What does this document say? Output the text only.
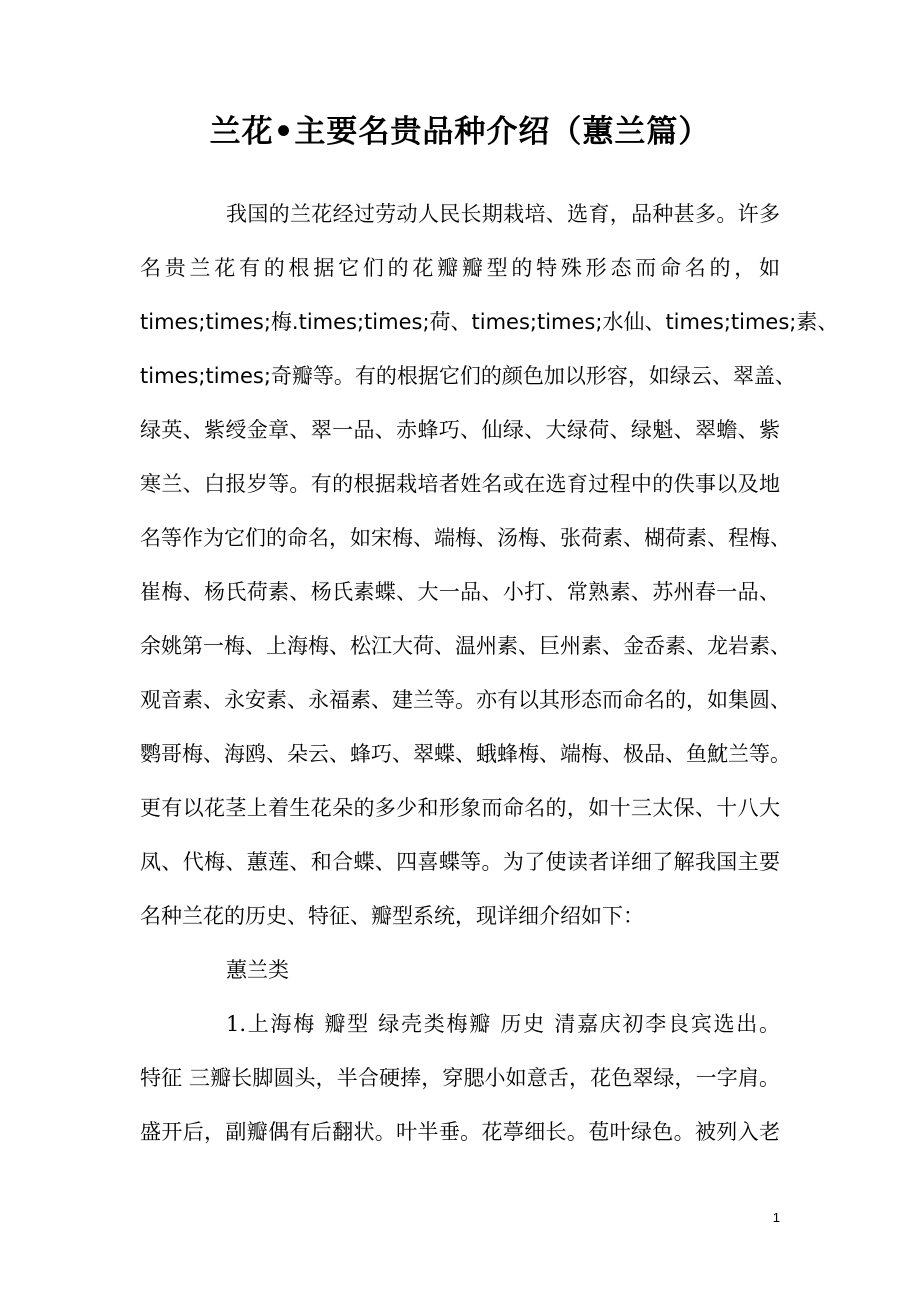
兰花•主要名贵品种介绍（蕙兰篇）
我国的兰花经过劳动人民长期栽培、选育，品种甚多。许多
名贵兰花有的根据它们的花瓣瓣型的特殊形态而命名的，如
times;times;梅.times;times;荷、times;times;水仙、times;times;素、
times;times;奇瓣等。有的根据它们的颜色加以形容，如绿云、翠盖、
绿英、紫绶金章、翠一品、赤蜂巧、仙绿、大绿荷、绿魁、翠蟾、紫
寒兰、白报岁等。有的根据栽培者姓名或在选育过程中的佚事以及地
名等作为它们的命名，如宋梅、端梅、汤梅、张荷素、楜荷素、程梅、
崔梅、杨氏荷素、杨氏素蝶、大一品、小打、常熟素、苏州春一品、
余姚第一梅、上海梅、松江大荷、温州素、巨州素、金岙素、龙岩素、
观音素、永安素、永福素、建兰等。亦有以其形态而命名的，如集圆、
鹦哥梅、海鸥、朵云、蜂巧、翠蝶、蛾蜂梅、端梅、极品、鱼魫兰等。
更有以花茎上着生花朵的多少和形象而命名的，如十三太保、十八大
凤、代梅、蕙莲、和合蝶、四喜蝶等。为了使读者详细了解我国主要
名种兰花的历史、特征、瓣型系统，现详细介绍如下：
蕙兰类
1.上海梅 瓣型 绿壳类梅瓣 历史 清嘉庆初李良宾选出。
特征 三瓣长脚圆头，半合硬捧，穿腮小如意舌，花色翠绿，一字肩。
盛开后，副瓣偶有后翻状。叶半垂。花葶细长。苞叶绿色。被列入老
1
